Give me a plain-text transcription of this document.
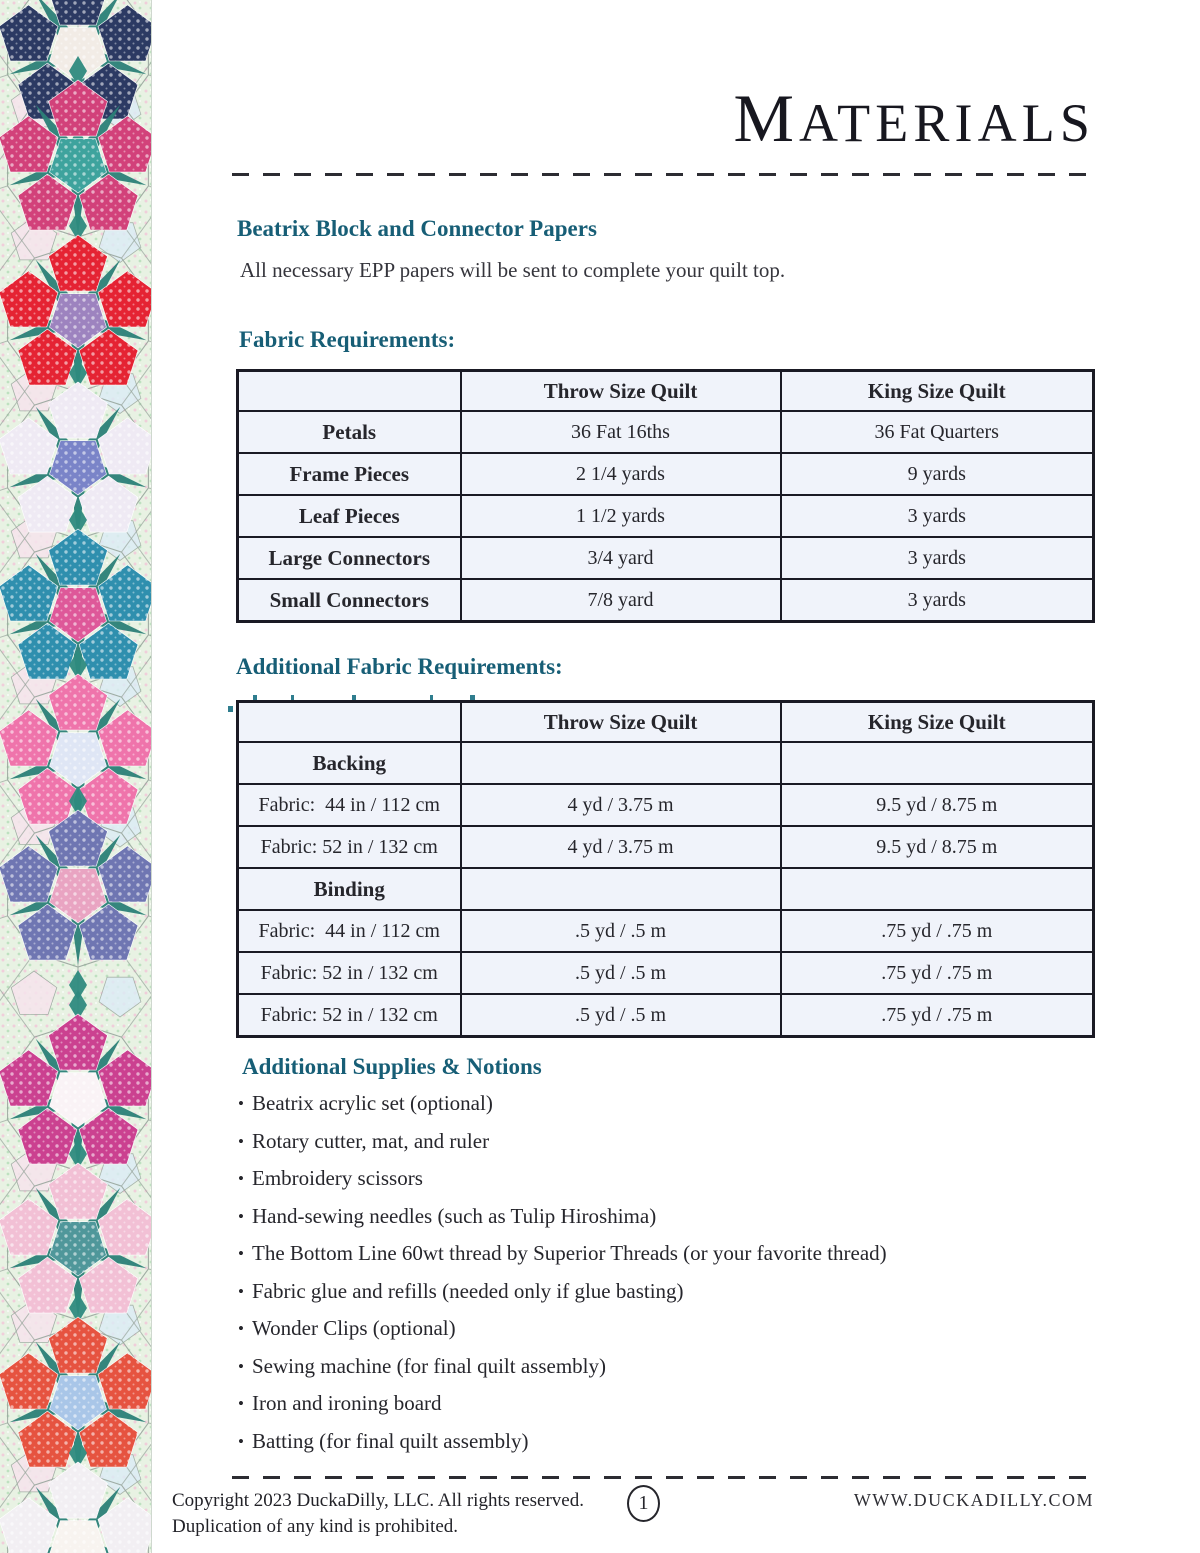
MATERIALS
Beatrix Block and Connector Papers

All necessary EPP papers will be sent to complete your quilt top.

Fabric Requirements:
	Throw Size Quilt	King Size Quilt
Petals	36 Fat 16ths	36 Fat Quarters
Frame Pieces	2 1/4 yards	9 yards
Leaf Pieces	1 1/2 yards	3 yards
Large Connectors	3/4 yard	3 yards
Small Connectors	7/8 yard	3 yards
Additional Fabric Requirements:
	Throw Size Quilt	King Size Quilt
Backing		
Fabric:  44 in / 112 cm	4 yd / 3.75 m	9.5 yd / 8.75 m
Fabric: 52 in / 132 cm	4 yd / 3.75 m	9.5 yd / 8.75 m
Binding		
Fabric:  44 in / 112 cm	.5 yd / .5 m	.75 yd / .75 m
Fabric: 52 in / 132 cm	.5 yd / .5 m	.75 yd / .75 m
Fabric: 52 in / 132 cm	.5 yd / .5 m	.75 yd / .75 m
Additional Supplies & Notions
• Beatrix acrylic set (optional)
• Rotary cutter, mat, and ruler
• Embroidery scissors
• Hand-sewing needles (such as Tulip Hiroshima)
• The Bottom Line 60wt thread by Superior Threads (or your favorite thread)
• Fabric glue and refills (needed only if glue basting)
• Wonder Clips (optional)
• Sewing machine (for final quilt assembly)
• Iron and ironing board
• Batting (for final quilt assembly)

Copyright 2023 DuckaDilly, LLC. All rights reserved.
Duplication of any kind is prohibited.

1	WWW.DUCKADILLY.COM
